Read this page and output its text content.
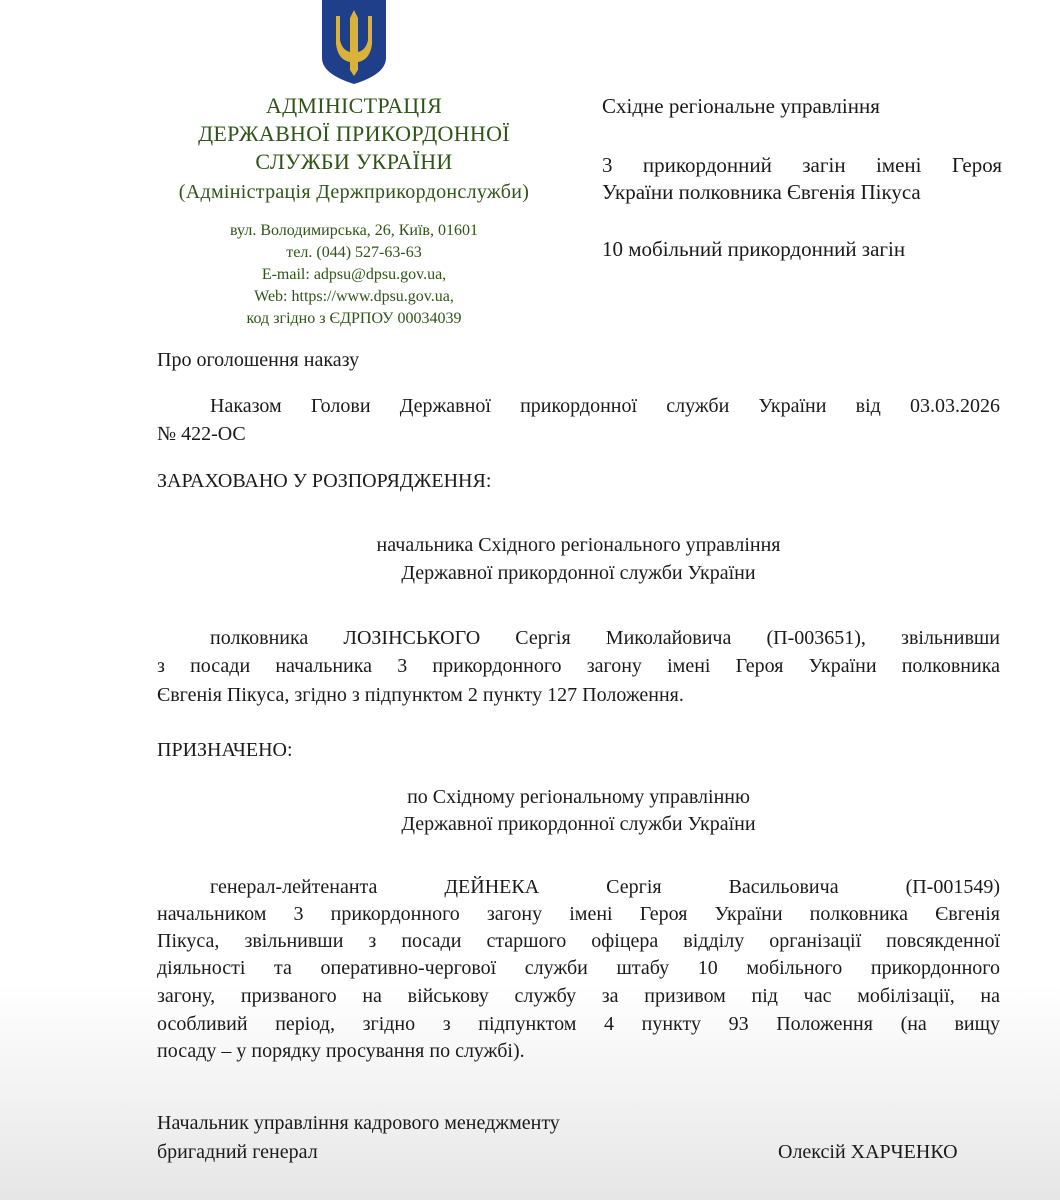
АДМІНІСТРАЦІЯ
ДЕРЖАВНОЇ ПРИКОРДОННОЇ
СЛУЖБИ УКРАЇНИ
(Адміністрація Держприкордонслужби)
вул. Володимирська, 26, Київ, 01601
тел. (044) 527-63-63
E-mail: adpsu@dpsu.gov.ua,
Web: https://www.dpsu.gov.ua,
код згідно з ЄДРПОУ 00034039
Східне регіональне управління
3 прикордонний загін імені Героя
України полковника Євгенія Пікуса
10 мобільний прикордонний загін
Про оголошення наказу
Наказом Голови Державної прикордонної служби України від 03.03.2026
№ 422-ОС
ЗАРАХОВАНО У РОЗПОРЯДЖЕННЯ:
начальника Східного регіонального управління
Державної прикордонної служби України
полковника ЛОЗІНСЬКОГО Сергія Миколайовича (П-003651), звільнивши
з посади начальника 3 прикордонного загону імені Героя України полковника
Євгенія Пікуса, згідно з підпунктом 2 пункту 127 Положення.
ПРИЗНАЧЕНО:
по Східному регіональному управлінню
Державної прикордонної служби України
генерал-лейтенанта ДЕЙНЕКА Сергія Васильовича (П-001549)
начальником 3 прикордонного загону імені Героя України полковника Євгенія
Пікуса, звільнивши з посади старшого офіцера відділу організації повсякденної
діяльності та оперативно-чергової служби штабу 10 мобільного прикордонного
загону, призваного на військову службу за призивом під час мобілізації, на
особливий період, згідно з підпунктом 4 пункту 93 Положення (на вищу
посаду – у порядку просування по службі).
Начальник управління кадрового менеджменту
бригадний генерал	Олексій ХАРЧЕНКО
